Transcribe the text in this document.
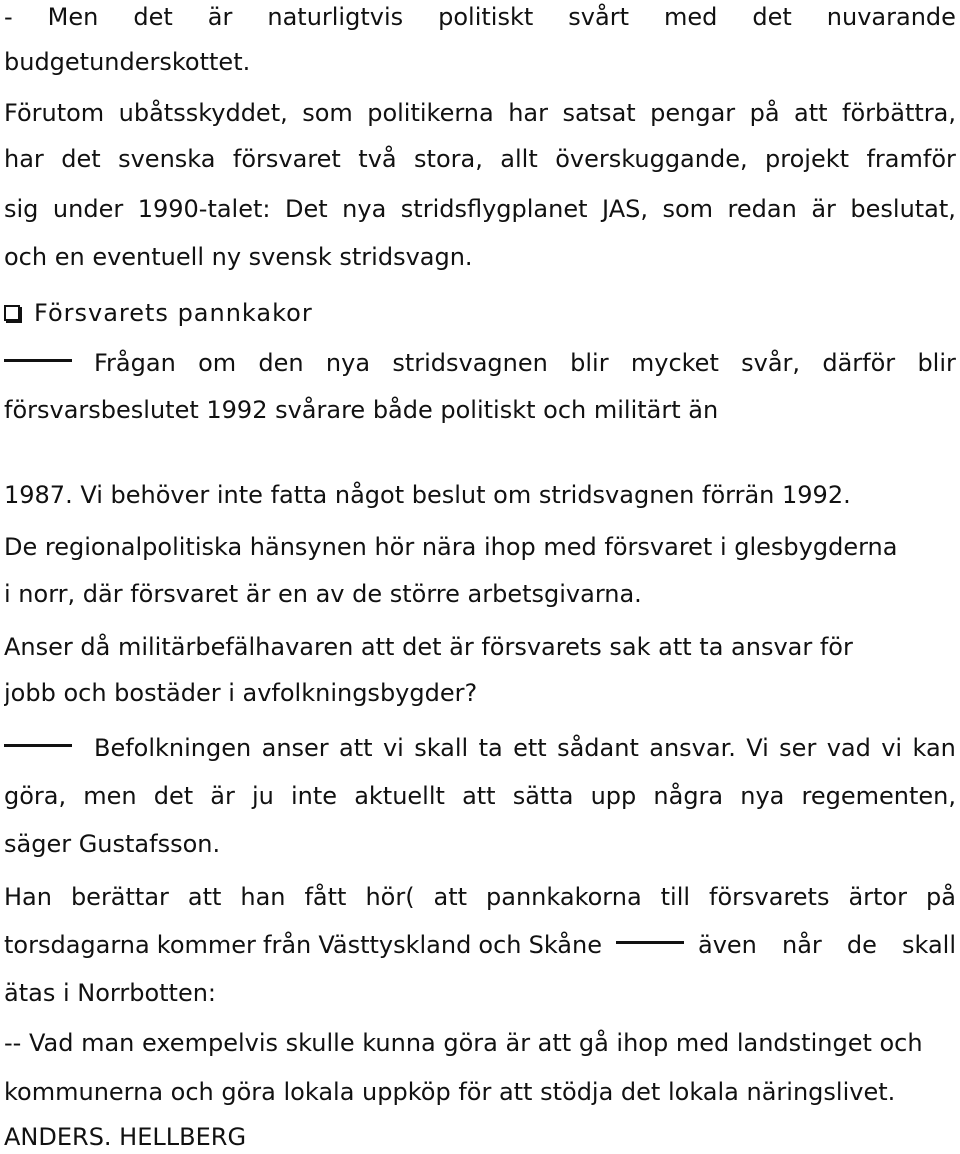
- Men det är naturligtvis politiskt svårt med det nuvarande
budgetunderskottet.
Förutom ubåtsskyddet, som politikerna har satsat pengar på att förbättra,
har det svenska försvaret två stora, allt överskuggande, projekt framför
sig under 1990-talet: Det nya stridsflygplanet JAS, som redan är beslutat,
och en eventuell ny svensk stridsvagn.
Försvarets pannkakor
Frågan om den nya stridsvagnen blir mycket svår, därför blir
försvarsbeslutet 1992 svårare både politiskt och militärt än
1987. Vi behöver inte fatta något beslut om stridsvagnen förrän 1992.
De regionalpolitiska hänsynen hör nära ihop med försvaret i glesbygderna
i norr, där försvaret är en av de större arbetsgivarna.
Anser då militärbefälhavaren att det är försvarets sak att ta ansvar för
jobb och bostäder i avfolkningsbygder?
Befolkningen anser att vi skall ta ett sådant ansvar. Vi ser vad vi kan
göra, men det är ju inte aktuellt att sätta upp några nya regementen,
säger Gustafsson.
Han berättar att han fått hör( att pannkakorna till försvarets ärtor på
torsdagarna kommer från Västtyskland och Skåne	även når de skall
ätas i Norrbotten:
-- Vad man exempelvis skulle kunna göra är att gå ihop med landstinget och
kommunerna och göra lokala uppköp för att stödja det lokala näringslivet.
ANDERS. HELLBERG
